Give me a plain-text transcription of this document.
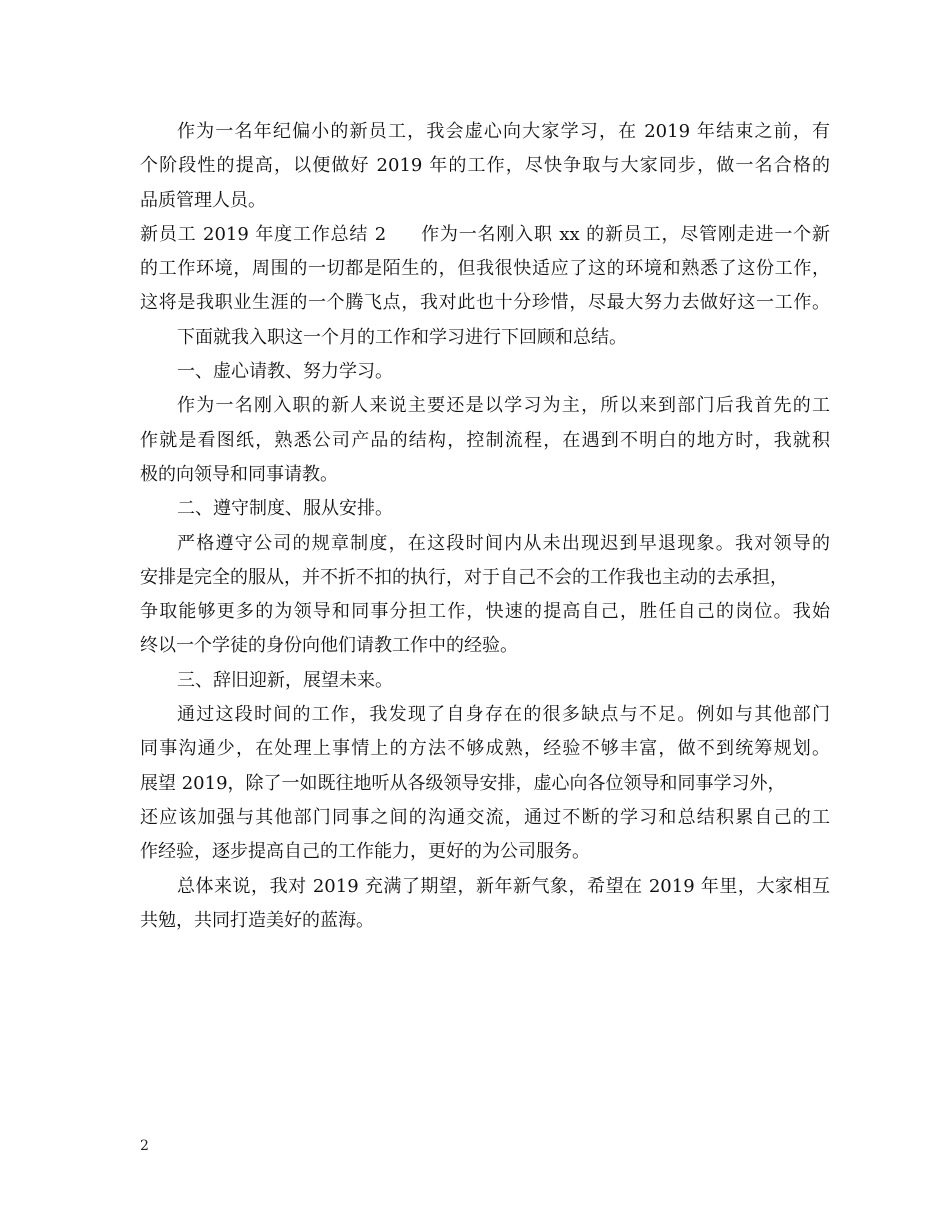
作为一名年纪偏小的新员工，我会虚心向大家学习，在 2019 年结束之前，有
个阶段性的提高，以便做好 2019 年的工作，尽快争取与大家同步，做一名合格的
品质管理人员。
新员工 2019 年度工作总结 2 作为一名刚入职 xx 的新员工，尽管刚走进一个新
的工作环境，周围的一切都是陌生的，但我很快适应了这的环境和熟悉了这份工作，
这将是我职业生涯的一个腾飞点，我对此也十分珍惜，尽最大努力去做好这一工作。
下面就我入职这一个月的工作和学习进行下回顾和总结。
一、虚心请教、努力学习。
作为一名刚入职的新人来说主要还是以学习为主，所以来到部门后我首先的工
作就是看图纸，熟悉公司产品的结构，控制流程，在遇到不明白的地方时，我就积
极的向领导和同事请教。
二、遵守制度、服从安排。
严格遵守公司的规章制度，在这段时间内从未出现迟到早退现象。我对领导的
安排是完全的服从，并不折不扣的执行，对于自己不会的工作我也主动的去承担，
争取能够更多的为领导和同事分担工作，快速的提高自己，胜任自己的岗位。我始
终以一个学徒的身份向他们请教工作中的经验。
三、辞旧迎新，展望未来。
通过这段时间的工作，我发现了自身存在的很多缺点与不足。例如与其他部门
同事沟通少，在处理上事情上的方法不够成熟，经验不够丰富，做不到统筹规划。
展望 2019，除了一如既往地听从各级领导安排，虚心向各位领导和同事学习外，
还应该加强与其他部门同事之间的沟通交流，通过不断的学习和总结积累自己的工
作经验，逐步提高自己的工作能力，更好的为公司服务。
总体来说，我对 2019 充满了期望，新年新气象，希望在 2019 年里，大家相互
共勉，共同打造美好的蓝海。
2
